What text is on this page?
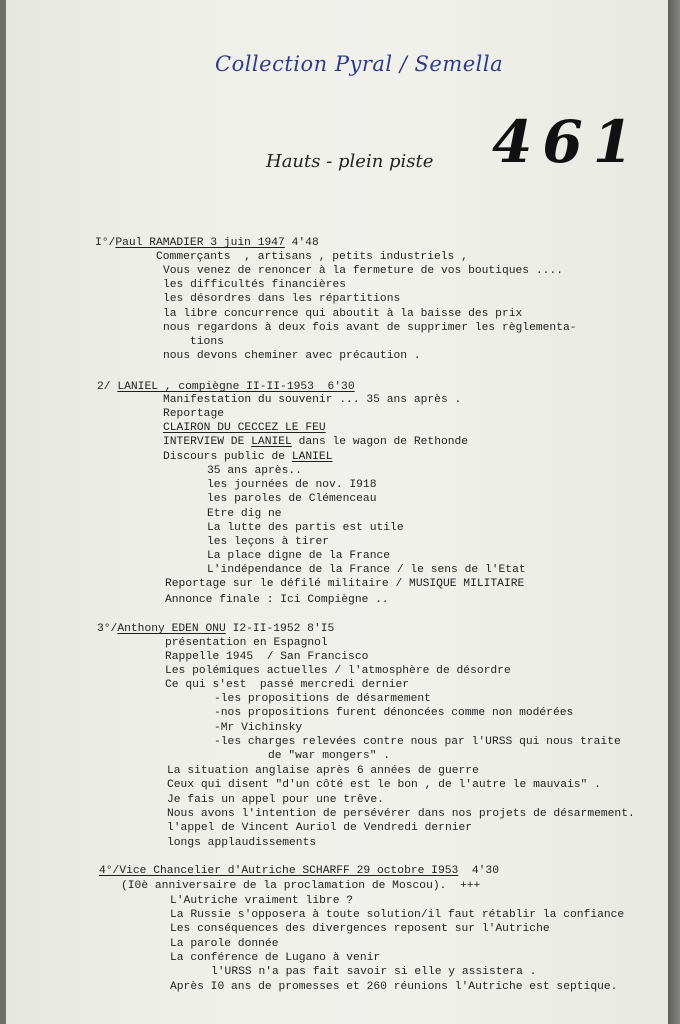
Collection Pyral / Semella
Hauts - plein piste 461
I°/Paul RAMADIER 3 juin 1947 4'48
Commerçants  , artisans , petits industriels ,
Vous venez de renoncer à la fermeture de vos boutiques ....
les difficultés financières
les désordres dans les répartitions
la libre concurrence qui aboutit à la baisse des prix
nous regardons à deux fois avant de supprimer les règlementa-
tions
nous devons cheminer avec précaution .
2/ LANIEL , compiègne II-II-1953  6'30
Manifestation du souvenir ... 35 ans après .
Reportage
CLAIRON DU CECCEZ LE FEU
INTERVIEW DE LANIEL dans le wagon de Rethonde
Discours public de LANIEL
35 ans après..
les journées de nov. I918
les paroles de Clémenceau
Etre dig ne
La lutte des partis est utile
les leçons à tirer
La place digne de la France
L'indépendance de la France / le sens de l'Etat
Reportage sur le défilé militaire / MUSIQUE MILITAIRE
Annonce finale : Ici Compiègne ..
3°/Anthony EDEN ONU I2-II-1952 8'I5
présentation en Espagnol
Rappelle 1945  / San Francisco
Les polémiques actuelles / l'atmosphère de désordre
Ce qui s'est  passé mercredi dernier
-les propositions de désarmement
-nos propositions furent dénoncées comme non modérées
-Mr Vichinsky
-les charges relevées contre nous par l'URSS qui nous traite
de "war mongers" .
La situation anglaise après 6 années de guerre
Ceux qui disent "d'un côté est le bon , de l'autre le mauvais" .
Je fais un appel pour une trêve.
Nous avons l'intention de persévérer dans nos projets de désarmement.
l'appel de Vincent Auriol de Vendredi dernier
longs applaudissements
4°/Vice Chancelier d'Autriche SCHARFF 29 octobre I953  4'30
(I0è anniversaire de la proclamation de Moscou).  +++
L'Autriche vraiment libre ?
La Russie s'opposera à toute solution/il faut rétablir la confiance
Les conséquences des divergences reposent sur l'Autriche
La parole donnée
La conférence de Lugano à venir
l'URSS n'a pas fait savoir si elle y assistera .
Après I0 ans de promesses et 260 réunions l'Autriche est septique.
